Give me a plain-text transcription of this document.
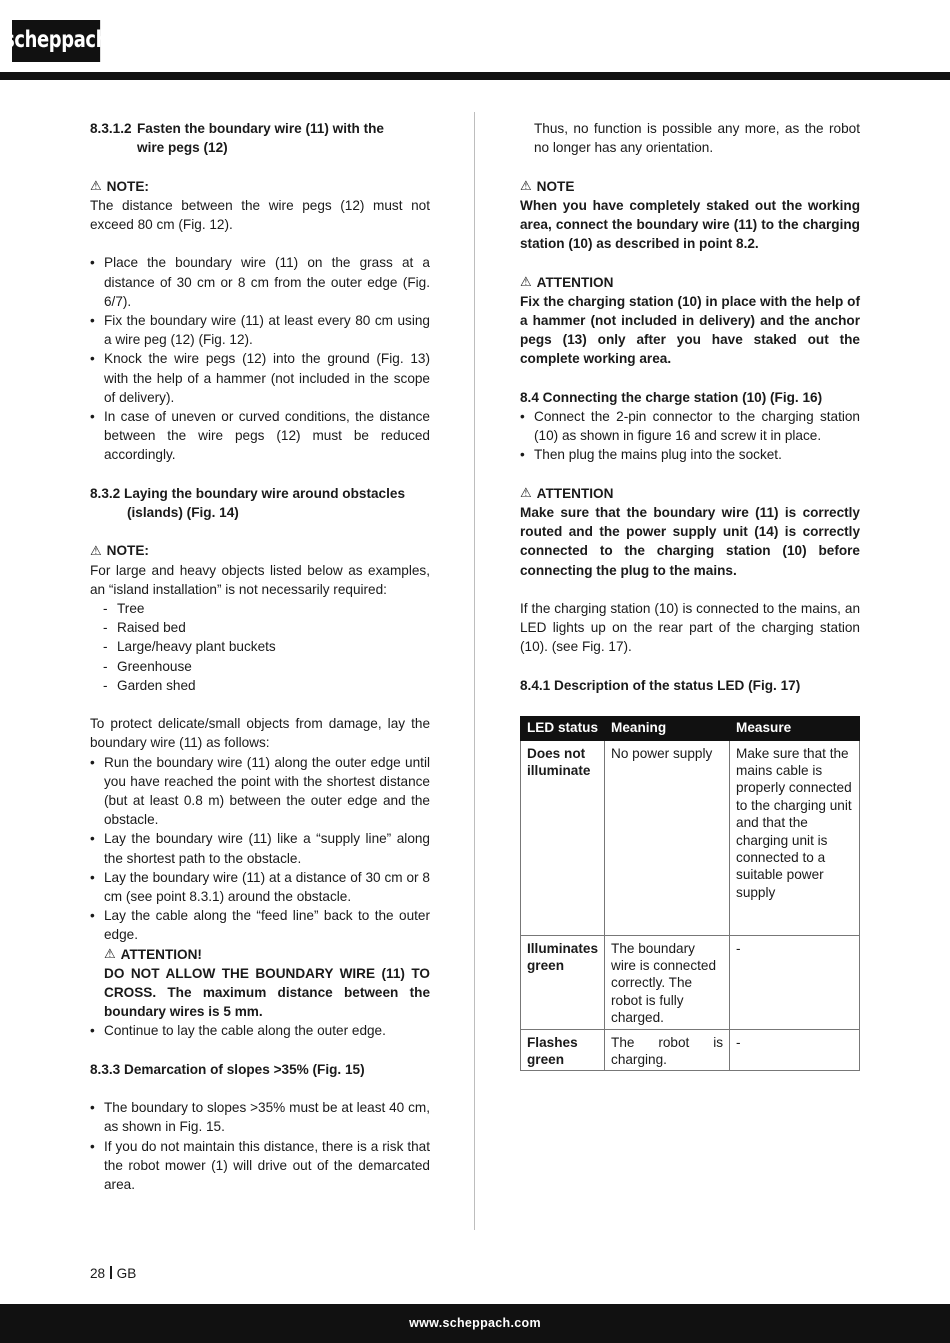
scheppach
8.3.1.2 Fasten the boundary wire (11) with the
wire pegs (12)
⚠ NOTE:
The distance between the wire pegs (12) must not exceed 80 cm (Fig. 12).
• Place the boundary wire (11) on the grass at a distance of 30 cm or 8 cm from the outer edge (Fig. 6/7).
• Fix the boundary wire (11) at least every 80 cm using a wire peg (12) (Fig. 12).
• Knock the wire pegs (12) into the ground (Fig. 13) with the help of a hammer (not included in the scope of delivery).
• In case of uneven or curved conditions, the distance between the wire pegs (12) must be reduced accordingly.
8.3.2 Laying the boundary wire around obstacles
(islands) (Fig. 14)
⚠ NOTE:
For large and heavy objects listed below as examples, an “island installation” is not necessarily required:
- Tree
- Raised bed
- Large/heavy plant buckets
- Greenhouse
- Garden shed
To protect delicate/small objects from damage, lay the boundary wire (11) as follows:
• Run the boundary wire (11) along the outer edge until you have reached the point with the shortest distance (but at least 0.8 m) between the outer edge and the obstacle.
• Lay the boundary wire (11) like a “supply line” along the shortest path to the obstacle.
• Lay the boundary wire (11) at a distance of 30 cm or 8 cm (see point 8.3.1) around the obstacle.
• Lay the cable along the “feed line” back to the outer edge.
⚠ ATTENTION!
DO NOT ALLOW THE BOUNDARY WIRE (11) TO CROSS. The maximum distance between the boundary wires is 5 mm.
• Continue to lay the cable along the outer edge.
8.3.3 Demarcation of slopes >35% (Fig. 15)
• The boundary to slopes >35% must be at least 40 cm, as shown in Fig. 15.
• If you do not maintain this distance, there is a risk that the robot mower (1) will drive out of the demarcated area.
Thus, no function is possible any more, as the robot no longer has any orientation.
⚠ NOTE
When you have completely staked out the working area, connect the boundary wire (11) to the charging station (10) as described in point 8.2.
⚠ ATTENTION
Fix the charging station (10) in place with the help of a hammer (not included in delivery) and the anchor pegs (13) only after you have staked out the complete working area.
8.4 Connecting the charge station (10) (Fig. 16)
• Connect the 2-pin connector to the charging station (10) as shown in figure 16 and screw it in place.
• Then plug the mains plug into the socket.
⚠ ATTENTION
Make sure that the boundary wire (11) is correctly routed and the power supply unit (14) is correctly connected to the charging station (10) before connecting the plug to the mains.
If the charging station (10) is connected to the mains, an LED lights up on the rear part of the charging station (10). (see Fig. 17).
8.4.1 Description of the status LED (Fig. 17)
LED status	Meaning	Measure
Does not illuminate	No power supply	Make sure that the mains cable is properly connected to the charging unit and that the charging unit is connected to a suitable power supply
Illuminates green	The boundary wire is connected correctly. The robot is fully charged.	-
Flashes green	The robot is charging.	-
28 GB
www.scheppach.com
